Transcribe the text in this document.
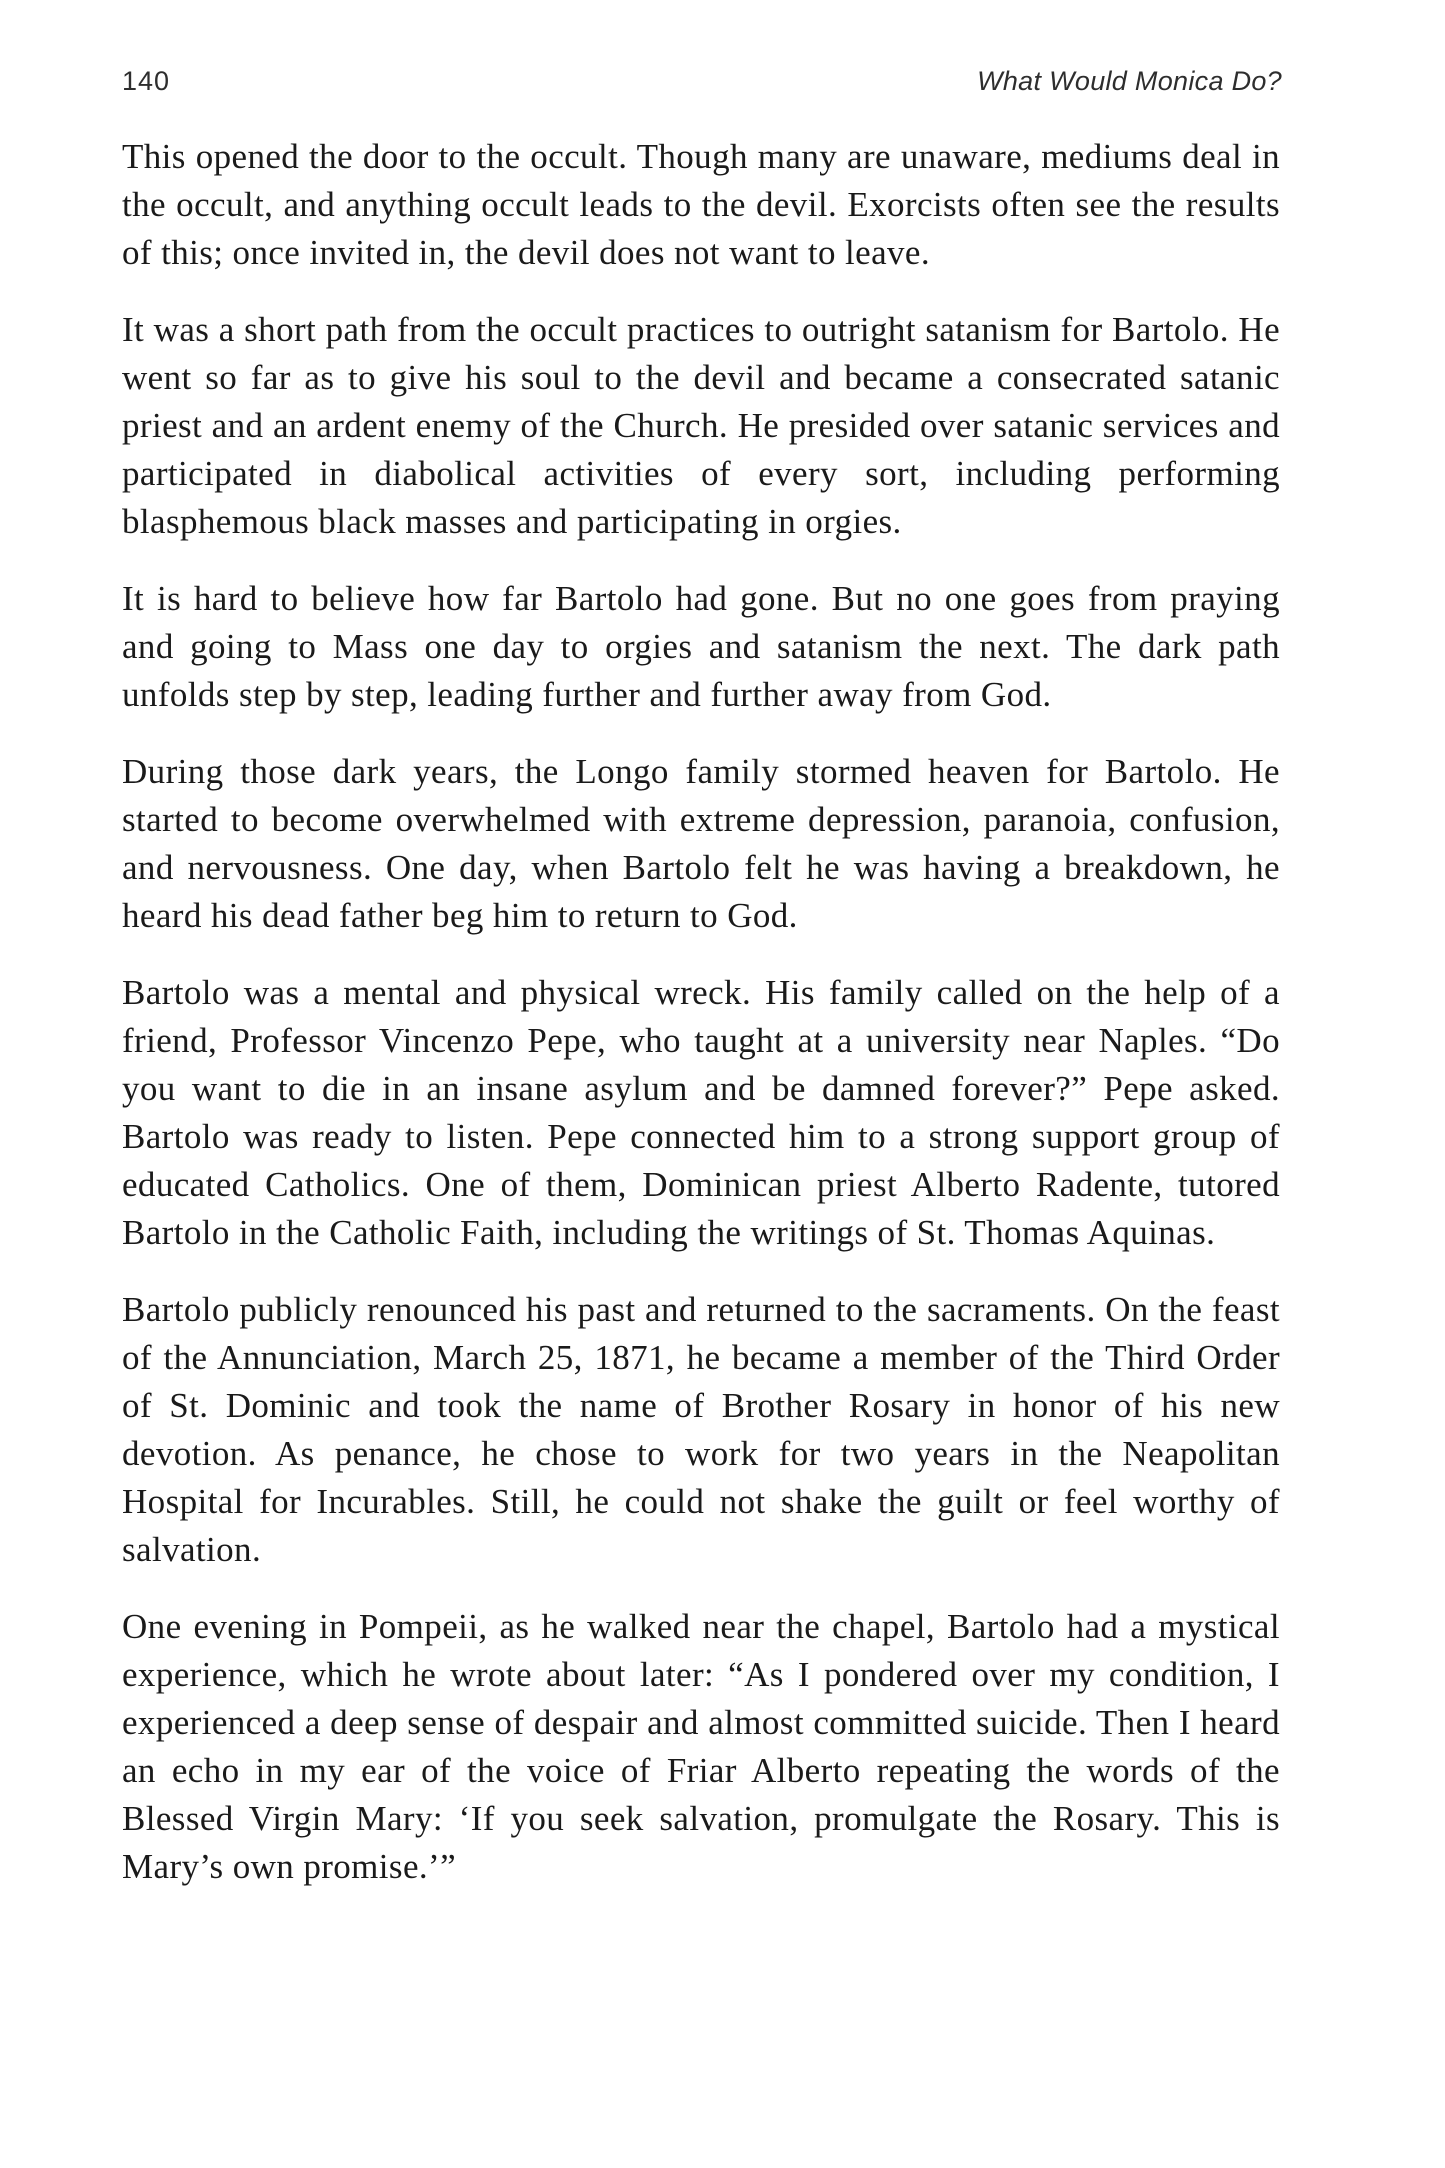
140	What Would Monica Do?

This opened the door to the occult. Though many are unaware, mediums deal in the occult, and anything occult leads to the devil. Exorcists often see the results of this; once invited in, the devil does not want to leave.

It was a short path from the occult practices to outright satanism for Bartolo. He went so far as to give his soul to the devil and became a consecrated satanic priest and an ardent enemy of the Church. He presided over satanic services and participated in diabolical activities of every sort, including performing blasphemous black masses and participating in orgies.

It is hard to believe how far Bartolo had gone. But no one goes from praying and going to Mass one day to orgies and satanism the next. The dark path unfolds step by step, leading further and further away from God.

During those dark years, the Longo family stormed heaven for Bartolo. He started to become overwhelmed with extreme depression, paranoia, confusion, and nervousness. One day, when Bartolo felt he was having a breakdown, he heard his dead father beg him to return to God.

Bartolo was a mental and physical wreck. His family called on the help of a friend, Professor Vincenzo Pepe, who taught at a university near Naples. “Do you want to die in an insane asylum and be damned forever?” Pepe asked. Bartolo was ready to listen. Pepe connected him to a strong support group of educated Catholics. One of them, Dominican priest Alberto Radente, tutored Bartolo in the Catholic Faith, including the writings of St. Thomas Aquinas.

Bartolo publicly renounced his past and returned to the sacraments. On the feast of the Annunciation, March 25, 1871, he became a member of the Third Order of St. Dominic and took the name of Brother Rosary in honor of his new devotion. As penance, he chose to work for two years in the Neapolitan Hospital for Incurables. Still, he could not shake the guilt or feel worthy of salvation.

One evening in Pompeii, as he walked near the chapel, Bartolo had a mystical experience, which he wrote about later: “As I pondered over my condition, I experienced a deep sense of despair and almost committed suicide. Then I heard an echo in my ear of the voice of Friar Alberto repeating the words of the Blessed Virgin Mary: ‘If you seek salvation, promulgate the Rosary. This is Mary’s own promise.’”
